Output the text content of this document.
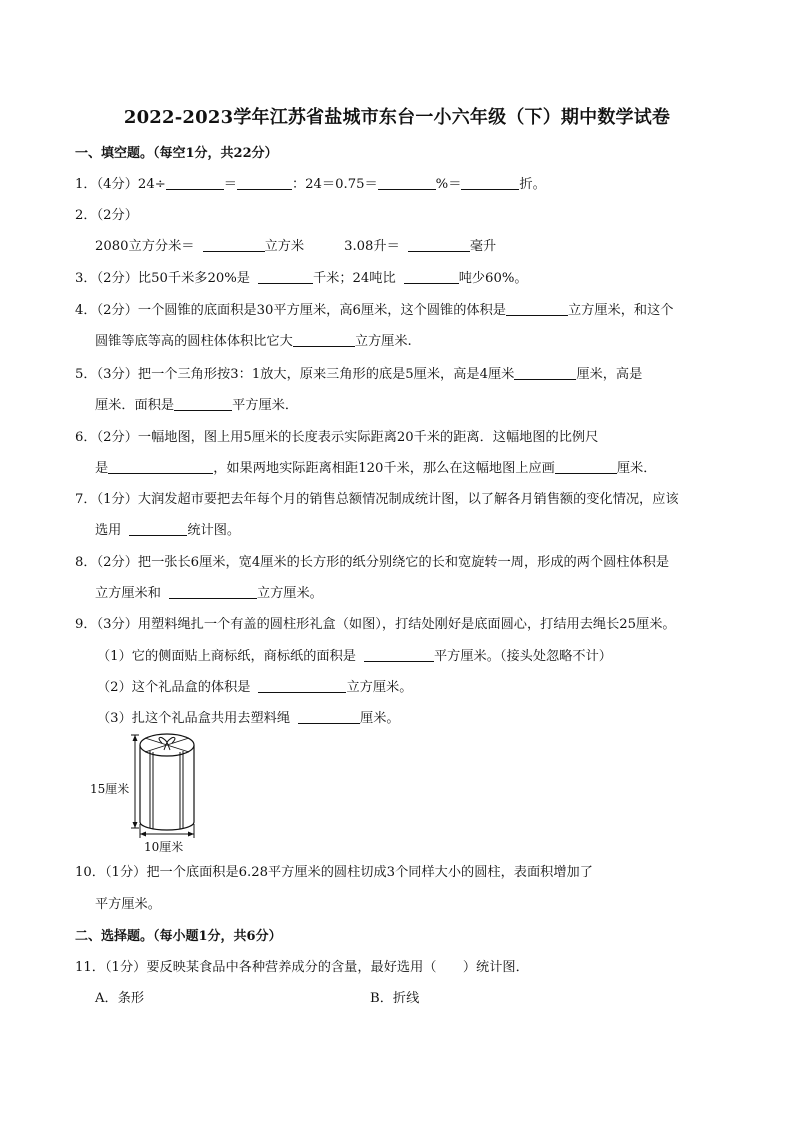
2022-2023学年江苏省盐城市东台一小六年级（下）期中数学试卷
一、填空题。（每空1分，共22分）
1．（4分）24÷	＝	：24＝0.75＝	%＝	折。
2．（2分）
2080立方分米＝	立方米	3.08升＝	毫升
3．（2分）比50千米多20%是	千米；24吨比	吨少60%。
4．（2分）一个圆锥的底面积是30平方厘米，高6厘米，这个圆锥的体积是	立方厘米，和这个
圆锥等底等高的圆柱体体积比它大	立方厘米.
5．（3分）把一个三角形按3：1放大，原来三角形的底是5厘米，高是4厘米	厘米，高是
厘米．面积是	平方厘米．
6．（2分）一幅地图，图上用5厘米的长度表示实际距离20千米的距离．这幅地图的比例尺
是	，如果两地实际距离相距120千米，那么在这幅地图上应画	厘米．
7．（1分）大润发超市要把去年每个月的销售总额情况制成统计图，以了解各月销售额的变化情况，应该
选用	统计图。
8．（2分）把一张长6厘米，宽4厘米的长方形的纸分别绕它的长和宽旋转一周，形成的两个圆柱体积是
立方厘米和	立方厘米。
9．（3分）用塑料绳扎一个有盖的圆柱形礼盒（如图），打结处刚好是底面圆心，打结用去绳长25厘米。
（1）它的侧面贴上商标纸，商标纸的面积是	平方厘米。（接头处忽略不计）
（2）这个礼品盒的体积是	立方厘米。
（3）扎这个礼品盒共用去塑料绳	厘米。
15厘米
10厘米
10．（1分）把一个底面积是6.28平方厘米的圆柱切成3个同样大小的圆柱，表面积增加了
平方厘米。
二、选择题。（每小题1分，共6分）
11．（1分）要反映某食品中各种营养成分的含量，最好选用（　　）统计图．
A．条形	B．折线
